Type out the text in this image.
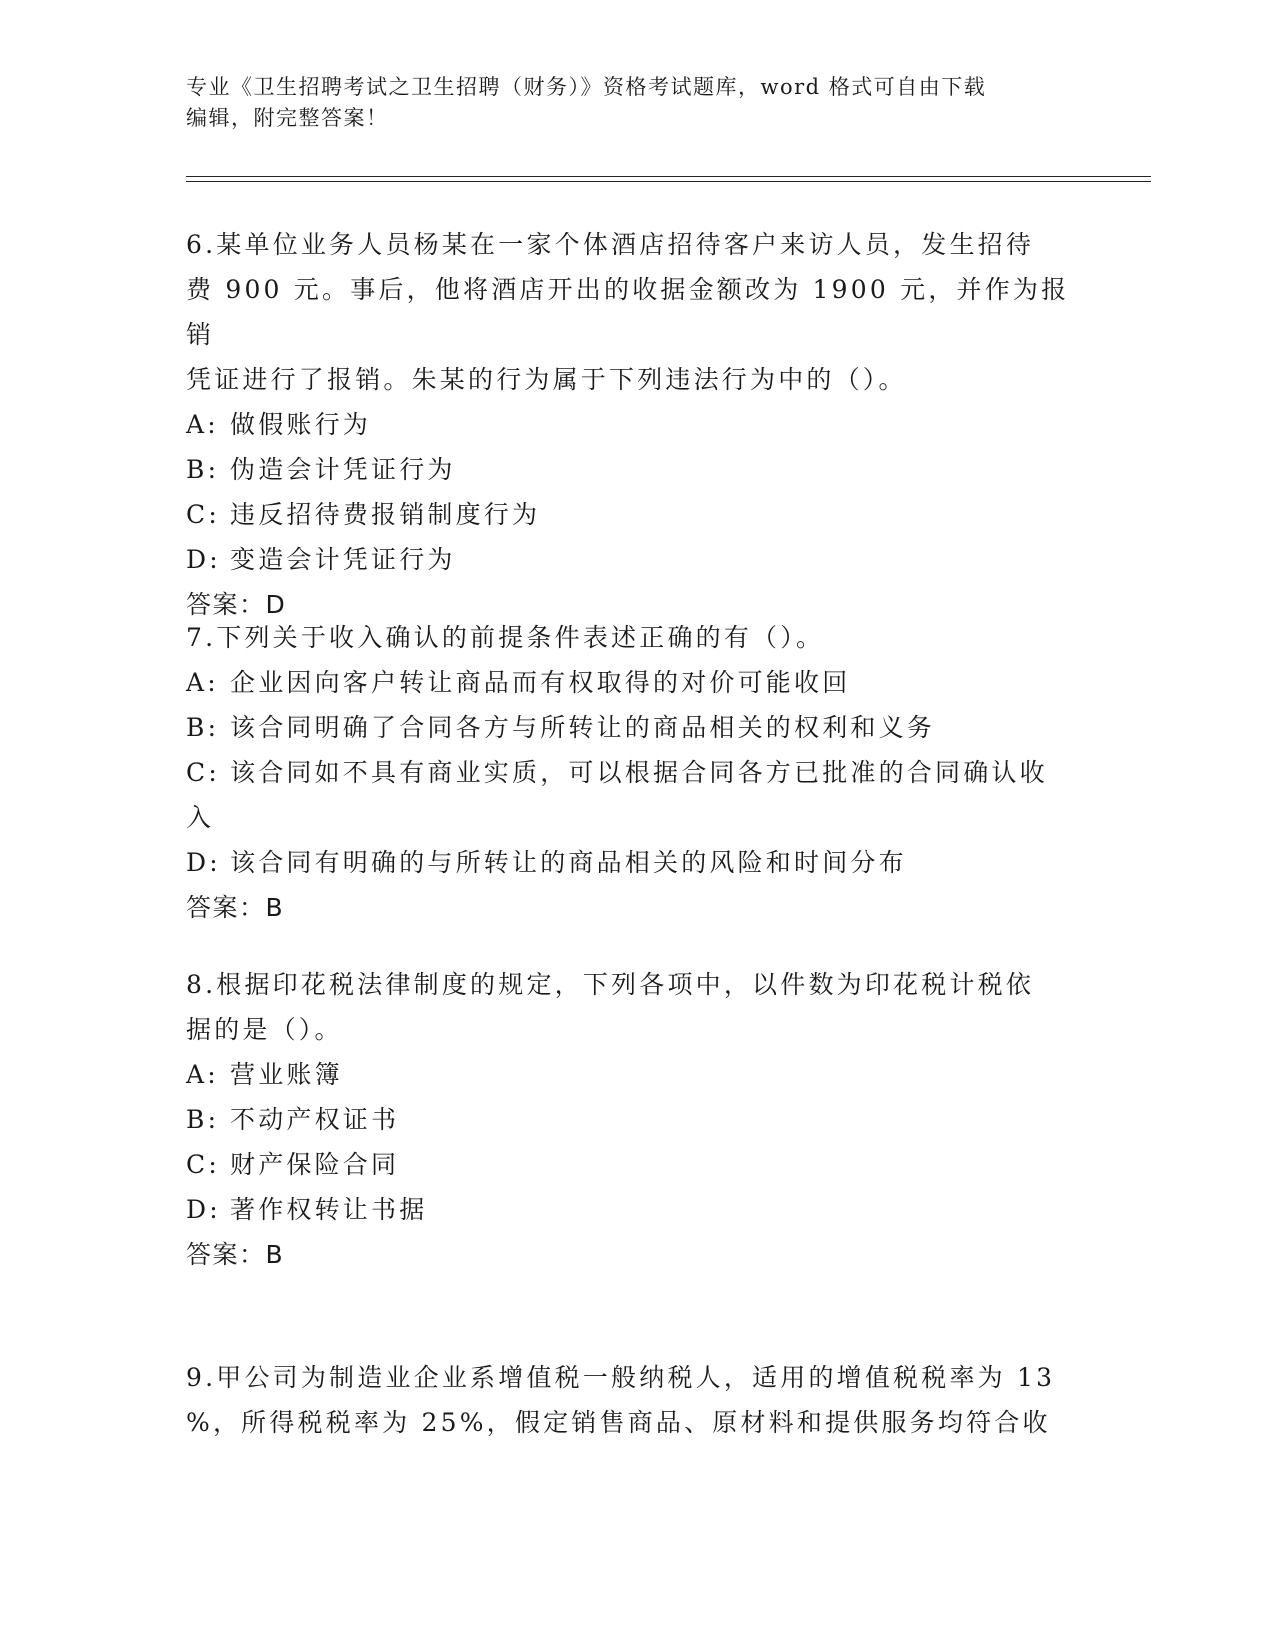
专业《卫生招聘考试之卫生招聘（财务）》资格考试题库，word 格式可自由下载
编辑，附完整答案！

6.某单位业务人员杨某在一家个体酒店招待客户来访人员，发生招待

费 900 元。事后，他将酒店开出的收据金额改为 1900 元，并作为报销

凭证进行了报销。朱某的行为属于下列违法行为中的（）。

A: 做假账行为

B: 伪造会计凭证行为

C: 违反招待费报销制度行为

D: 变造会计凭证行为

答案：D

7.下列关于收入确认的前提条件表述正确的有（）。

A: 企业因向客户转让商品而有权取得的对价可能收回

B: 该合同明确了合同各方与所转让的商品相关的权利和义务

C: 该合同如不具有商业实质，可以根据合同各方已批准的合同确认收

入

D: 该合同有明确的与所转让的商品相关的风险和时间分布

答案：B

8.根据印花税法律制度的规定，下列各项中，以件数为印花税计税依

据的是（）。

A: 营业账簿

B: 不动产权证书

C: 财产保险合同

D: 著作权转让书据

答案：B

9.甲公司为制造业企业系增值税一般纳税人，适用的增值税税率为 13

%，所得税税率为 25%，假定销售商品、原材料和提供服务均符合收
